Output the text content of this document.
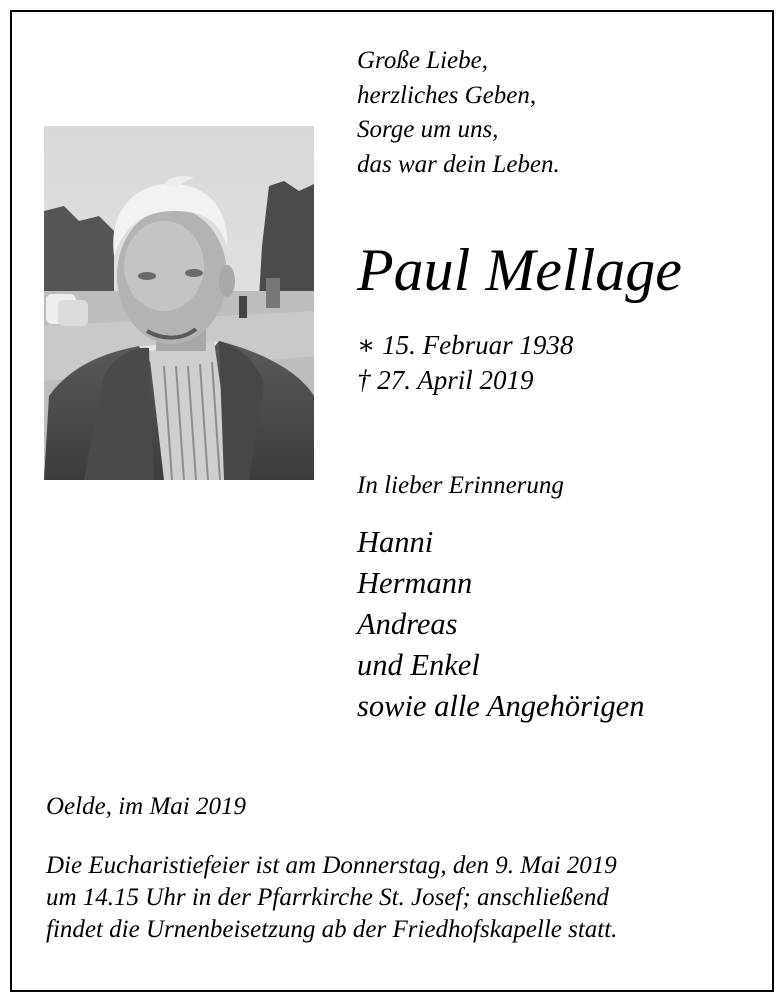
Große Liebe,
herzliches Geben,
Sorge um uns,
das war dein Leben.
Paul Mellage
∗ 15. Februar 1938
† 27. April 2019
In lieber Erinnerung
Hanni
Hermann
Andreas
und Enkel
sowie alle Angehörigen
Oelde, im Mai 2019
Die Eucharistiefeier ist am Donnerstag, den 9. Mai 2019
um 14.15 Uhr in der Pfarrkirche St. Josef; anschließend
findet die Urnenbeisetzung ab der Friedhofskapelle statt.
